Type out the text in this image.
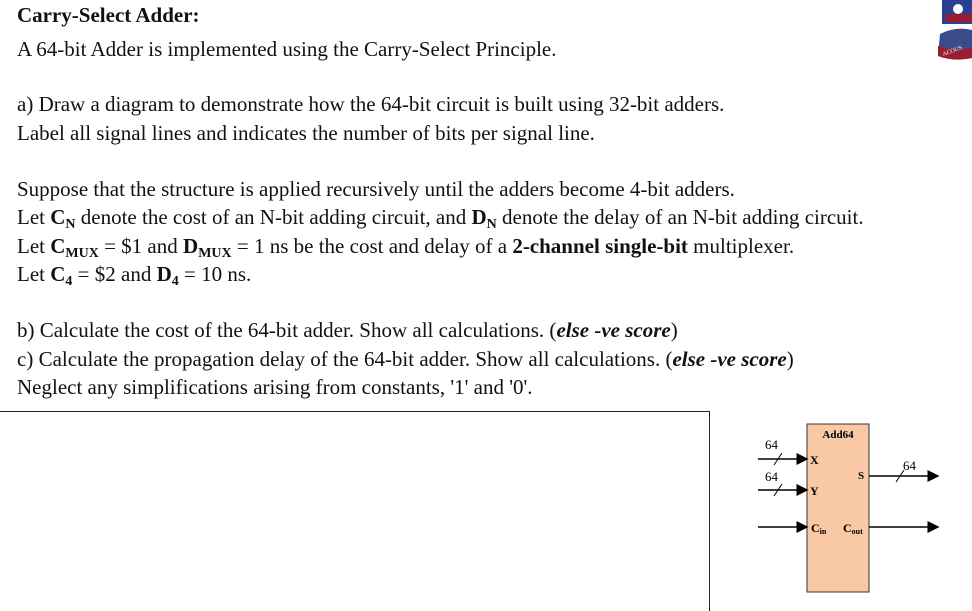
Carry-Select Adder:
A 64-bit Adder is implemented using the Carry-Select Principle.
a) Draw a diagram to demonstrate how the 64-bit circuit is built using 32-bit adders.
Label all signal lines and indicates the number of bits per signal line.
Suppose that the structure is applied recursively until the adders become 4-bit adders.
Let $C_N$ denote the cost of an N-bit adding circuit, and $D_N$ denote the delay of an N-bit adding circuit.
Let $C_{MUX}$ = $1 and $D_{MUX} = 1$ ns be the cost and delay of a 2-channel single-bit multiplexer.
Let $C_4$ = $2 and $D_4 = 10$ ns.
b) Calculate the cost of the 64-bit adder. Show all calculations. (else -ve score)
c) Calculate the propagation delay of the 64-bit adder. Show all calculations. (else -ve score)
Neglect any simplifications arising from constants, '1' and '0'.
ACOUS
Add64
64
X
64
Y
Cin
64
S
Cout
